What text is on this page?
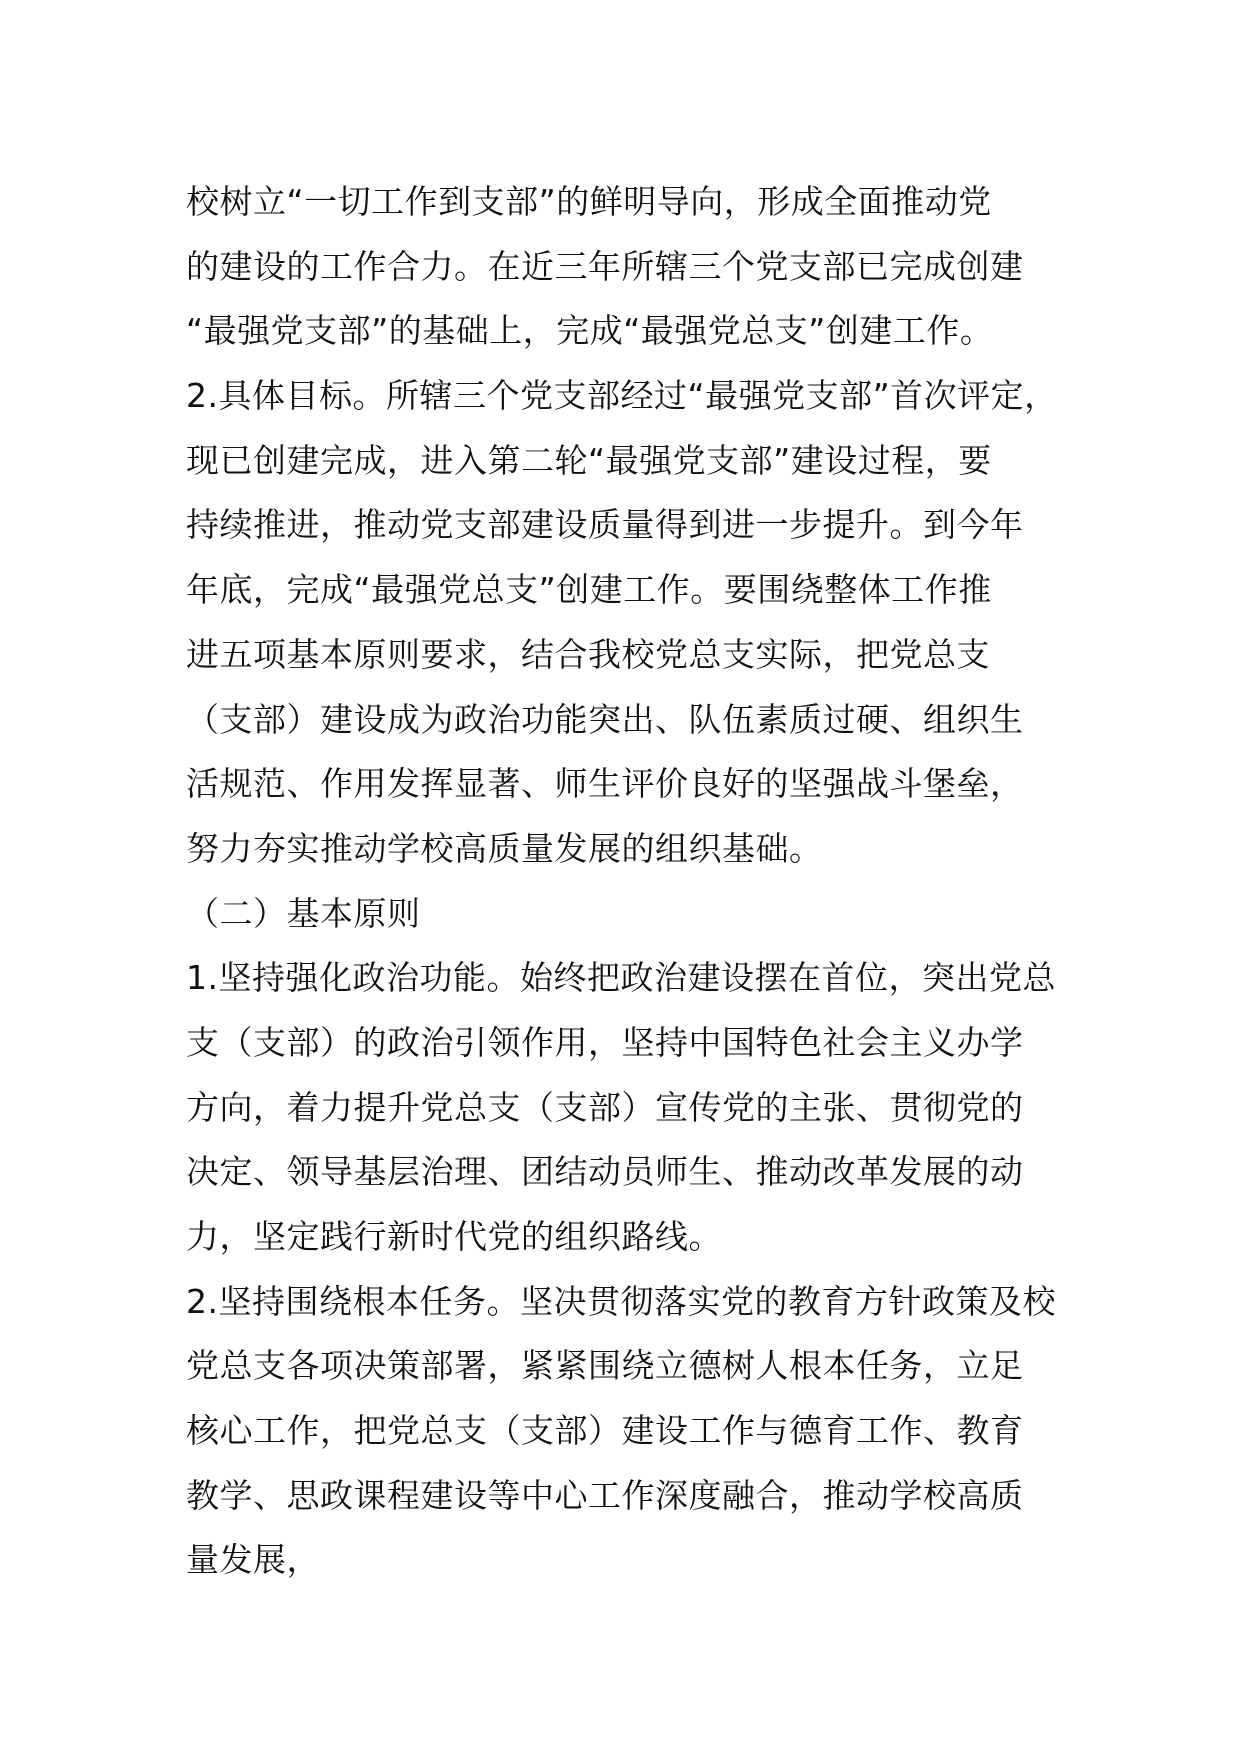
校树立“一切工作到支部”的鲜明导向，形成全面推动党
的建设的工作合力。在近三年所辖三个党支部已完成创建
“最强党支部”的基础上，完成“最强党总支”创建工作。
2.具体目标。所辖三个党支部经过“最强党支部”首次评定，
现已创建完成，进入第二轮“最强党支部”建设过程，要
持续推进，推动党支部建设质量得到进一步提升。到今年
年底，完成“最强党总支”创建工作。要围绕整体工作推
进五项基本原则要求，结合我校党总支实际，把党总支
（支部）建设成为政治功能突出、队伍素质过硬、组织生
活规范、作用发挥显著、师生评价良好的坚强战斗堡垒，
努力夯实推动学校高质量发展的组织基础。
（二）基本原则
1.坚持强化政治功能。始终把政治建设摆在首位，突出党总
支（支部）的政治引领作用，坚持中国特色社会主义办学
方向，着力提升党总支（支部）宣传党的主张、贯彻党的
决定、领导基层治理、团结动员师生、推动改革发展的动
力，坚定践行新时代党的组织路线。
2.坚持围绕根本任务。坚决贯彻落实党的教育方针政策及校
党总支各项决策部署，紧紧围绕立德树人根本任务，立足
核心工作，把党总支（支部）建设工作与德育工作、教育
教学、思政课程建设等中心工作深度融合，推动学校高质
量发展，
